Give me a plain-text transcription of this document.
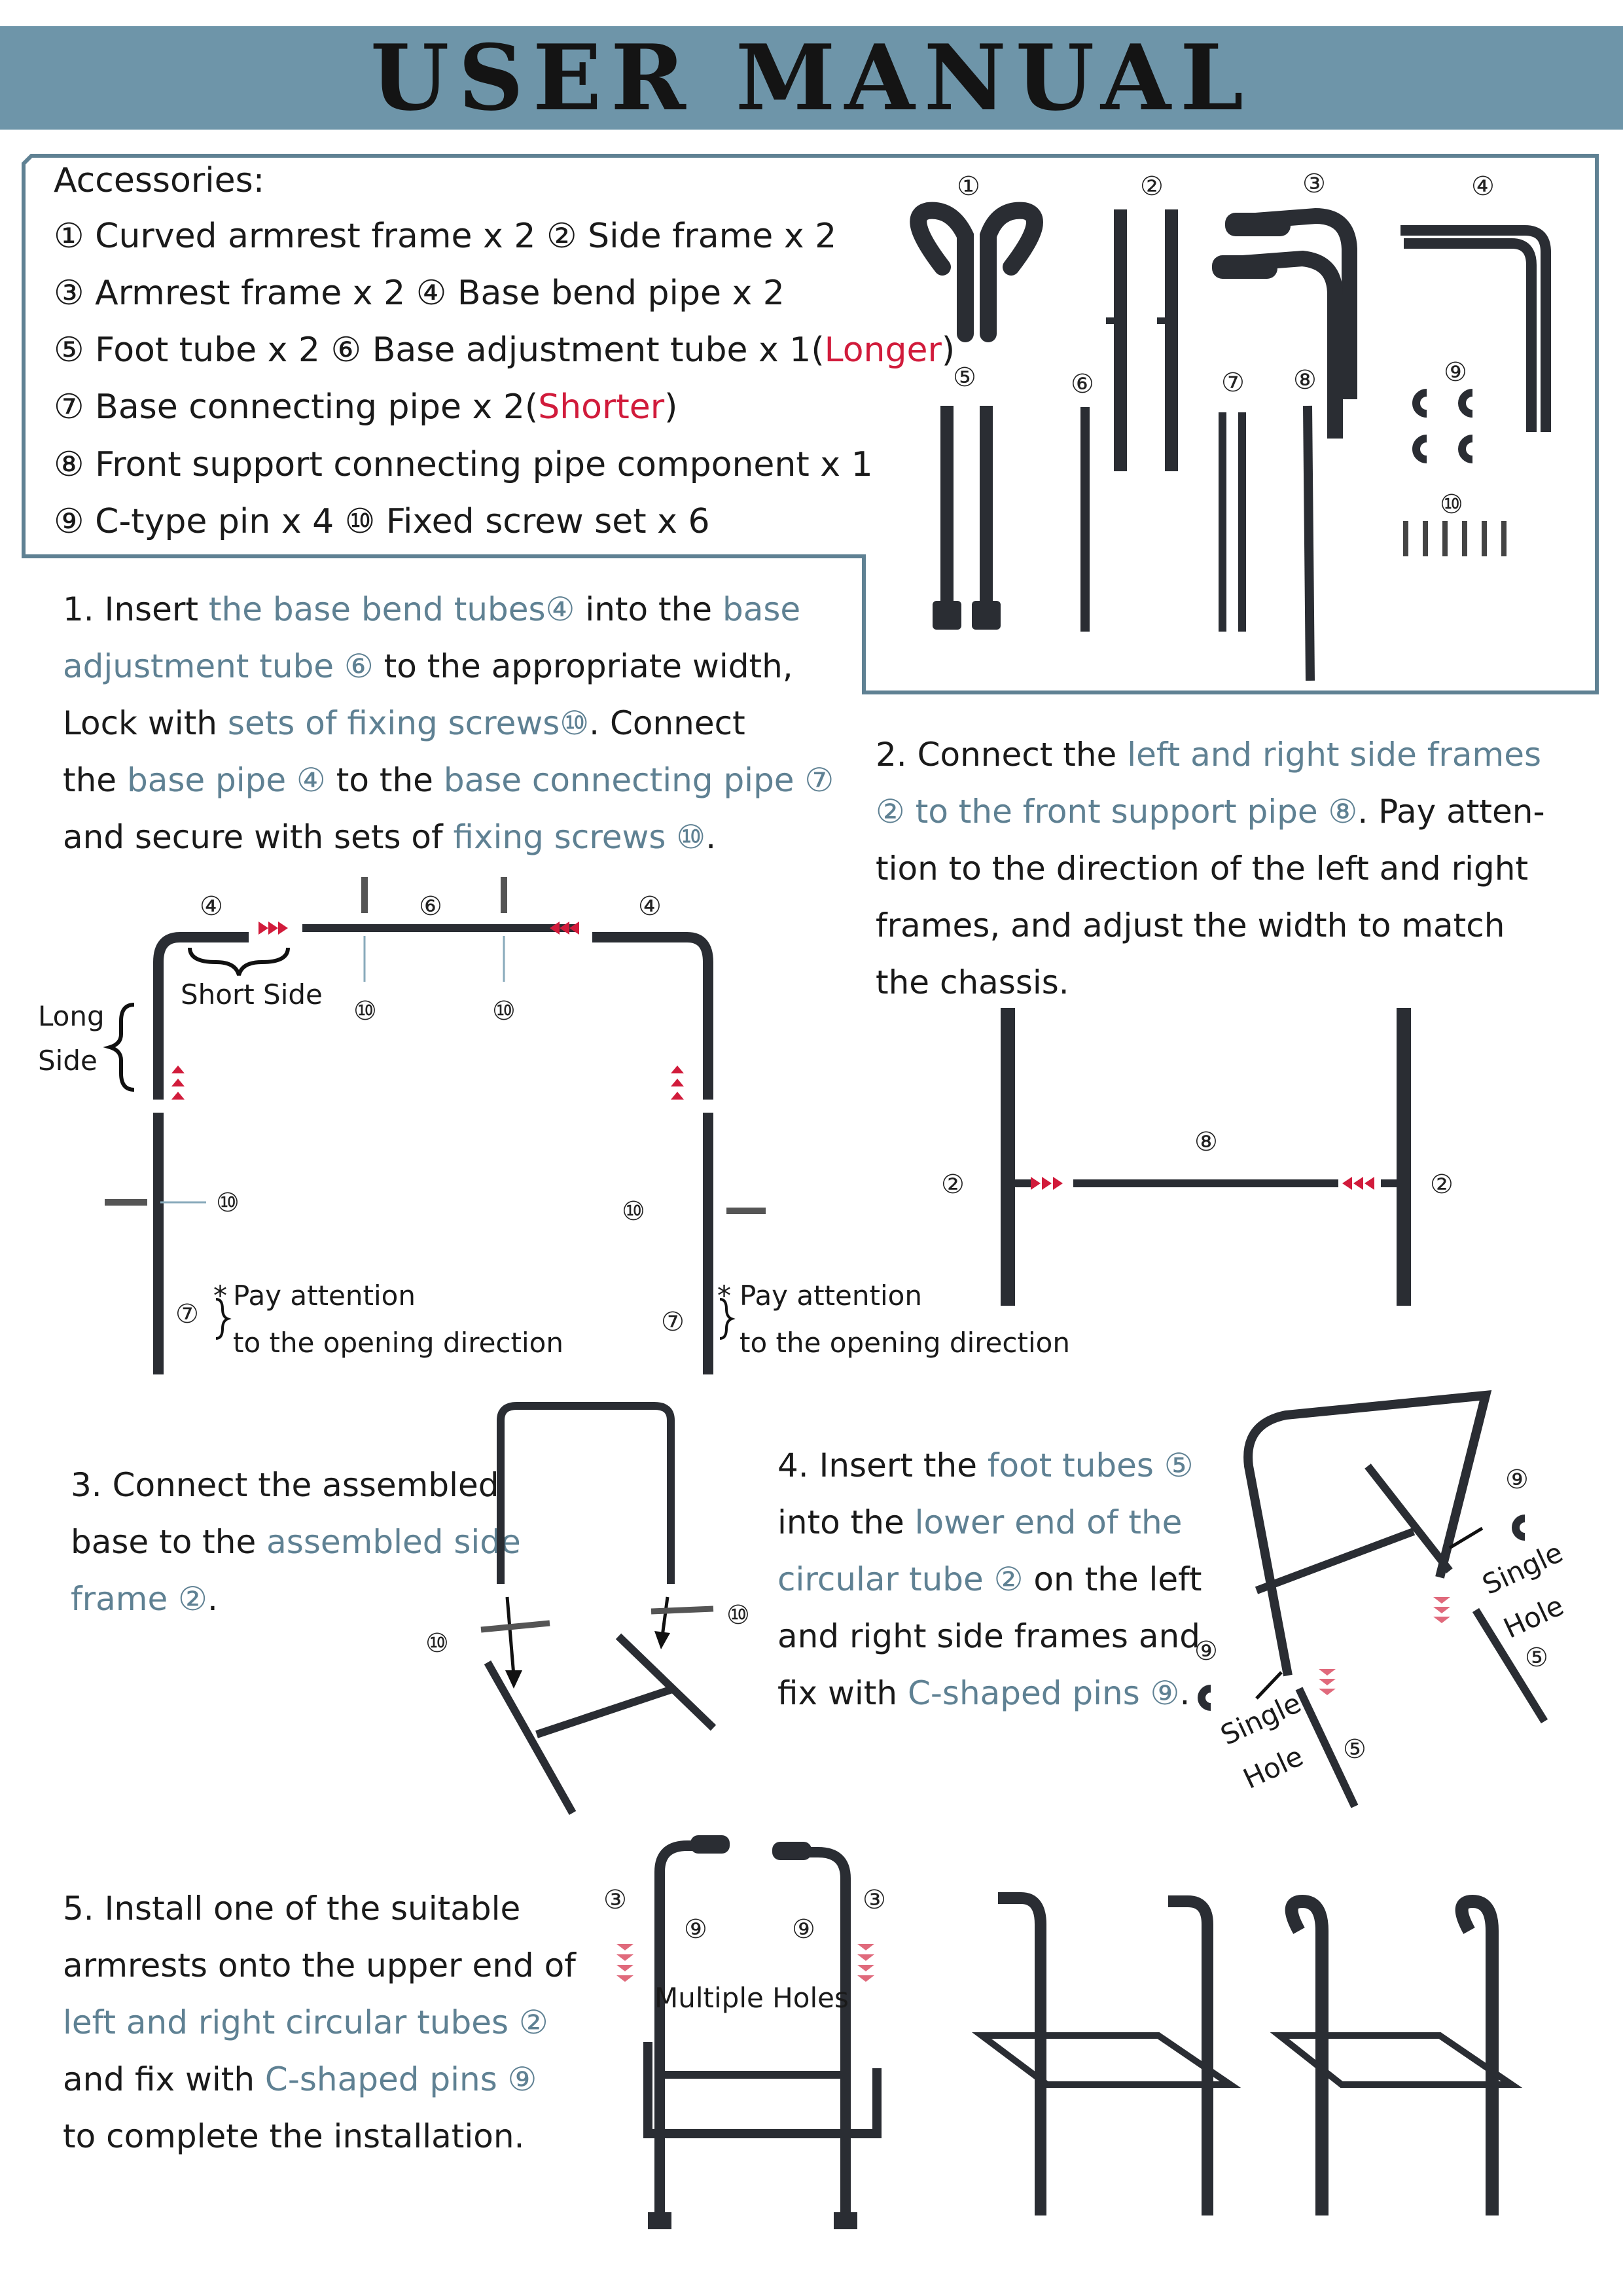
USER MANUAL
Accessories:
① Curved armrest frame x 2 ② Side frame x 2
③ Armrest frame x 2 ④ Base bend pipe x 2
⑤ Foot tube x 2 ⑥ Base adjustment tube x 1(Longer)
⑦ Base connecting pipe x 2(Shorter)
⑧ Front support connecting pipe component x 1
⑨ C-type pin x 4 ⑩ Fixed screw set x 6
①	②	③	④
⑤	⑥	⑦ ⑧	⑨
⑩
1. Insert the base bend tubes④ into the base
adjustment tube ⑥ to the appropriate width,
Lock with sets of fixing screws⑩. Connect
the base pipe ④ to the base connecting pipe ⑦
and secure with sets of fixing screws ⑩.
④	⑥	④
⑩	⑩
⑩	⑩
⑦	⑦
Short Side
Long
Side
* Pay attention
to the opening direction
* Pay attention
to the opening direction
2. Connect the left and right side frames
② to the front support pipe ⑧. Pay atten-
tion to the direction of the left and right
frames, and adjust the width to match
the chassis.
⑧
②	②
3. Connect the assembled
base to the assembled side
frame ②.
⑩
⑩
4. Insert the foot tubes ⑤
into the lower end of the
circular tube ② on the left
and right side frames and
fix with C-shaped pins ⑨.
⑨
⑨	⑤
⑤
Single
Hole
Single
Hole
5. Install one of the suitable
armrests onto the upper end of
left and right circular tubes ②
and fix with C-shaped pins ⑨
to complete the installation.
③	③
⑨	⑨
Multiple Holes
